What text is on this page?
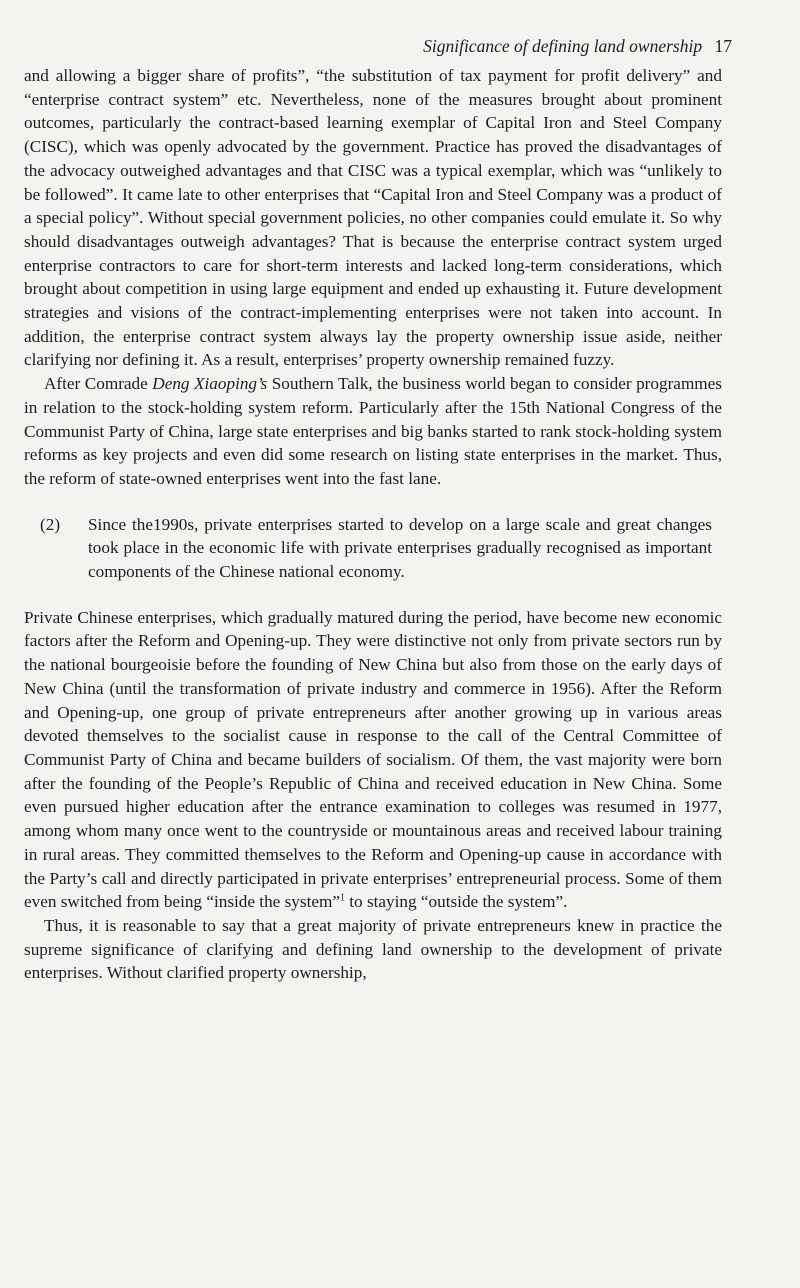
Significance of defining land ownership 17

and allowing a bigger share of profits”, “the substitution of tax payment for profit delivery” and “enterprise contract system” etc. Nevertheless, none of the measures brought about prominent outcomes, particularly the contract-based learning exemplar of Capital Iron and Steel Company (CISC), which was openly advocated by the government. Practice has proved the disadvantages of the advocacy outweighed advantages and that CISC was a typical exemplar, which was “unlikely to be followed”. It came late to other enterprises that “Capital Iron and Steel Company was a product of a special policy”. Without special government policies, no other companies could emulate it. So why should disadvantages outweigh advantages? That is because the enterprise contract system urged enterprise contractors to care for short-term interests and lacked long-term considerations, which brought about competition in using large equipment and ended up exhausting it. Future development strategies and visions of the contract-implementing enterprises were not taken into account. In addition, the enterprise contract system always lay the property ownership issue aside, neither clarifying nor defining it. As a result, enterprises’ property ownership remained fuzzy.

After Comrade Deng Xiaoping’s Southern Talk, the business world began to consider programmes in relation to the stock-holding system reform. Particularly after the 15th National Congress of the Communist Party of China, large state enterprises and big banks started to rank stock-holding system reforms as key projects and even did some research on listing state enterprises in the market. Thus, the reform of state-owned enterprises went into the fast lane.

(2)	Since the1990s, private enterprises started to develop on a large scale and great changes took place in the economic life with private enterprises gradually recognised as important components of the Chinese national economy.

Private Chinese enterprises, which gradually matured during the period, have become new economic factors after the Reform and Opening-up. They were distinctive not only from private sectors run by the national bourgeoisie before the founding of New China but also from those on the early days of New China (until the transformation of private industry and commerce in 1956). After the Reform and Opening-up, one group of private entrepreneurs after another growing up in various areas devoted themselves to the socialist cause in response to the call of the Central Committee of Communist Party of China and became builders of socialism. Of them, the vast majority were born after the founding of the People’s Republic of China and received education in New China. Some even pursued higher education after the entrance examination to colleges was resumed in 1977, among whom many once went to the countryside or mountainous areas and received labour training in rural areas. They committed themselves to the Reform and Opening-up cause in accordance with the Party’s call and directly participated in private enterprises’ entrepreneurial process. Some of them even switched from being “inside the system”$^1$ to staying “outside the system”.

Thus, it is reasonable to say that a great majority of private entrepreneurs knew in practice the supreme significance of clarifying and defining land ownership to the development of private enterprises. Without clarified property ownership,
